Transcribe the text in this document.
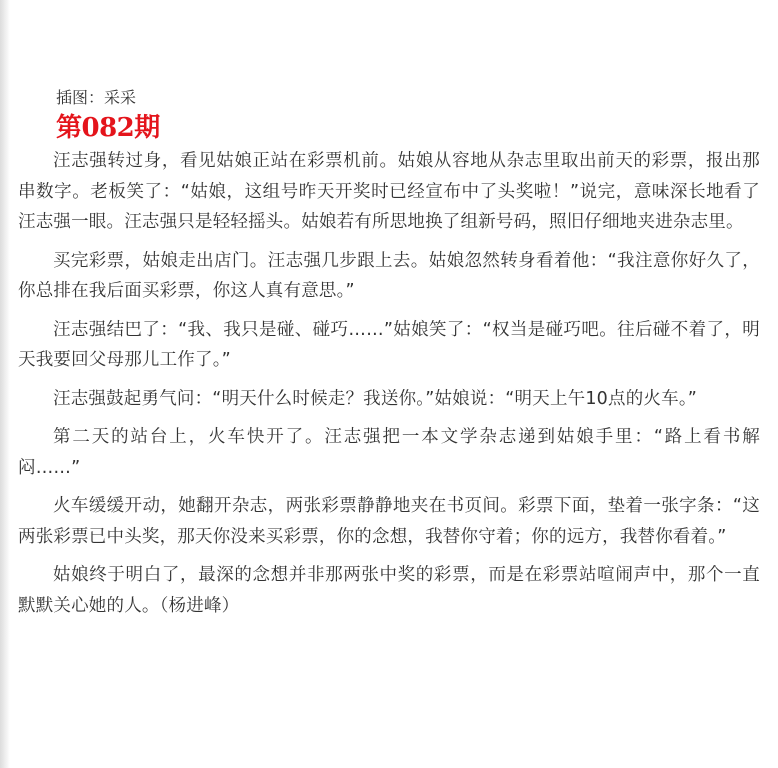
插图：采采
第082期

汪志强转过身，看见姑娘正站在彩票机前。姑娘从容地从杂志里取出前天的彩票，报出那串数字。老板笑了：“姑娘，这组号昨天开奖时已经宣布中了头奖啦！”说完，意味深长地看了汪志强一眼。汪志强只是轻轻摇头。姑娘若有所思地换了组新号码，照旧仔细地夹进杂志里。

买完彩票，姑娘走出店门。汪志强几步跟上去。姑娘忽然转身看着他：“我注意你好久了，你总排在我后面买彩票，你这人真有意思。”

汪志强结巴了：“我、我只是碰、碰巧……”姑娘笑了：“权当是碰巧吧。往后碰不着了，明天我要回父母那儿工作了。”

汪志强鼓起勇气问：“明天什么时候走？我送你。”姑娘说：“明天上午10点的火车。”

第二天的站台上，火车快开了。汪志强把一本文学杂志递到姑娘手里：“路上看书解闷……”

火车缓缓开动，她翻开杂志，两张彩票静静地夹在书页间。彩票下面，垫着一张字条：“这两张彩票已中头奖，那天你没来买彩票，你的念想，我替你守着；你的远方，我替你看着。”

姑娘终于明白了，最深的念想并非那两张中奖的彩票，而是在彩票站喧闹声中，那个一直默默关心她的人。（杨进峰）
